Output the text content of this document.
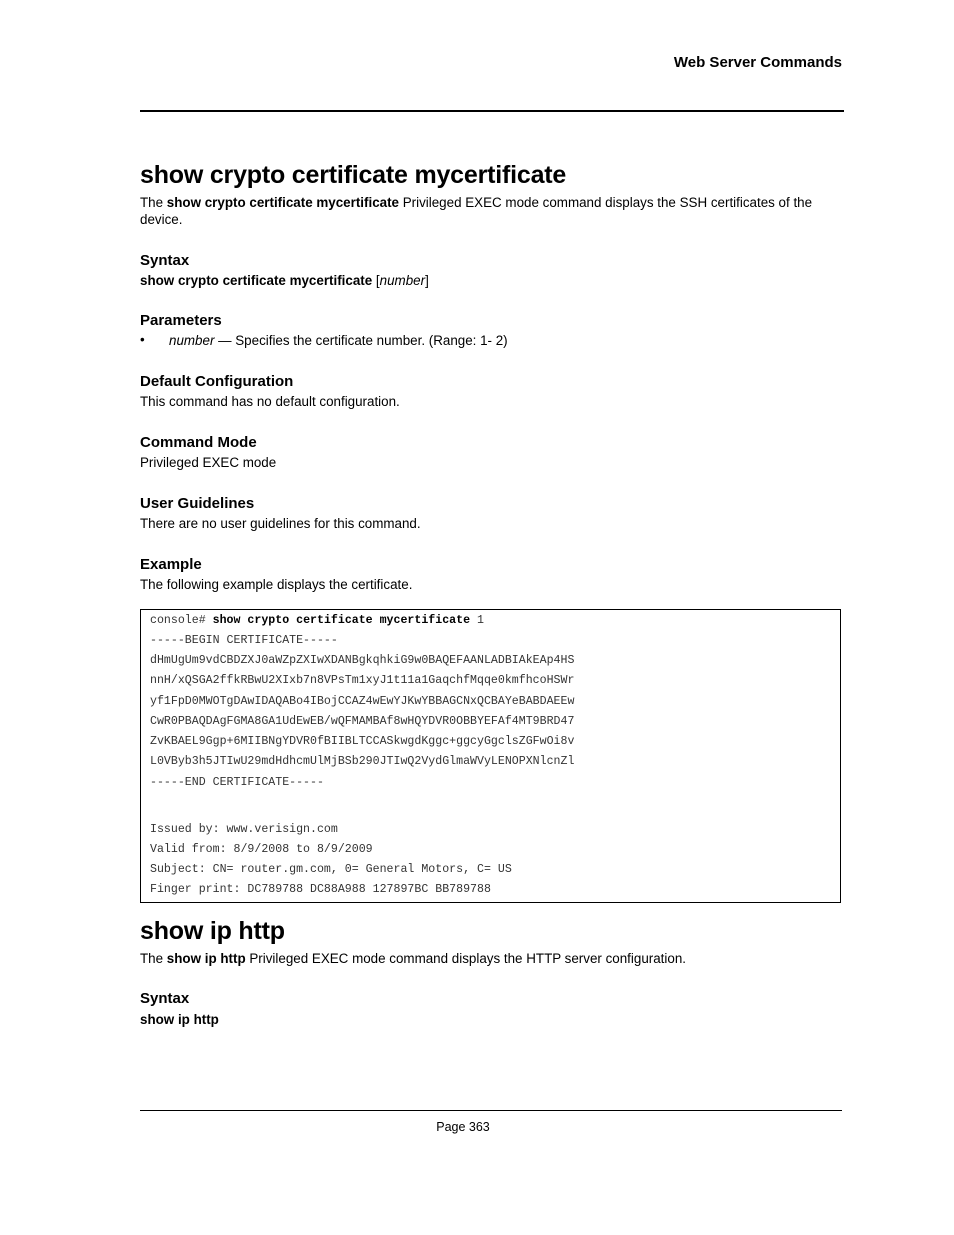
Web Server Commands
show crypto certificate mycertificate
The show crypto certificate mycertificate Privileged EXEC mode command displays the SSH certificates of the device.
Syntax
show crypto certificate mycertificate [number]
Parameters
• number — Specifies the certificate number. (Range: 1- 2)
Default Configuration
This command has no default configuration.
Command Mode
Privileged EXEC mode
User Guidelines
There are no user guidelines for this command.
Example
The following example displays the certificate.
console# show crypto certificate mycertificate 1
-----BEGIN CERTIFICATE-----
dHmUgUm9vdCBDZXJ0aWZpZXIwXDANBgkqhkiG9w0BAQEFAANLADBIAkEAp4HS
nnH/xQSGA2ffkRBwU2XIxb7n8VPsTm1xyJ1t11a1GaqchfMqqe0kmfhcoHSWr
yf1FpD0MWOTgDAwIDAQABo4IBojCCAZ4wEwYJKwYBBAGCNxQCBAYeBABDAEEw
CwR0PBAQDAgFGMA8GA1UdEwEB/wQFMAMBAf8wHQYDVR0OBBYEFAf4MT9BRD47
ZvKBAEL9Ggp+6MIIBNgYDVR0fBIIBLTCCASkwgdKggc+ggcyGgclsZGFwOi8v
L0VByb3h5JTIwU29mdHdhcmUlMjBSb290JTIwQ2VydGlmaWVyLENOPXNlcnZl
-----END CERTIFICATE-----
Issued by: www.verisign.com
Valid from: 8/9/2008 to 8/9/2009
Subject: CN= router.gm.com, 0= General Motors, C= US
Finger print: DC789788 DC88A988 127897BC BB789788
show ip http
The show ip http Privileged EXEC mode command displays the HTTP server configuration.
Syntax
show ip http
Page 363
